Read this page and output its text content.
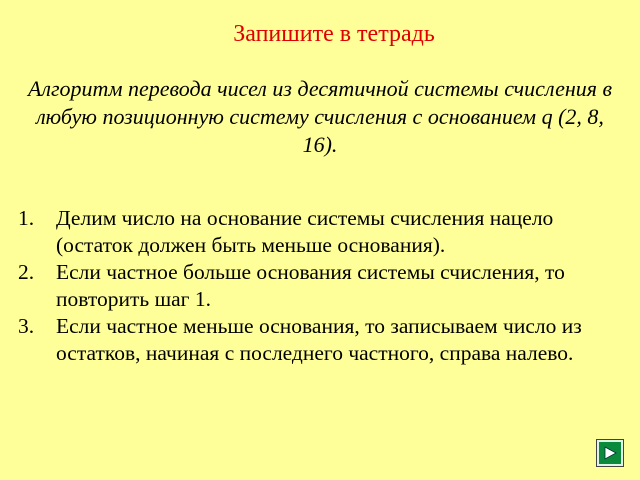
Запишите в тетрадь
Алгоритм перевода чисел из десятичной системы счисления в любую позиционную систему счисления с основанием q (2, 8, 16).
1. Делим число на основание системы счисления нацело (остаток должен быть меньше основания).
2. Если частное больше основания системы счисления, то повторить шаг 1.
3. Если частное меньше основания, то записываем число из остатков, начиная с последнего частного, справа налево.
